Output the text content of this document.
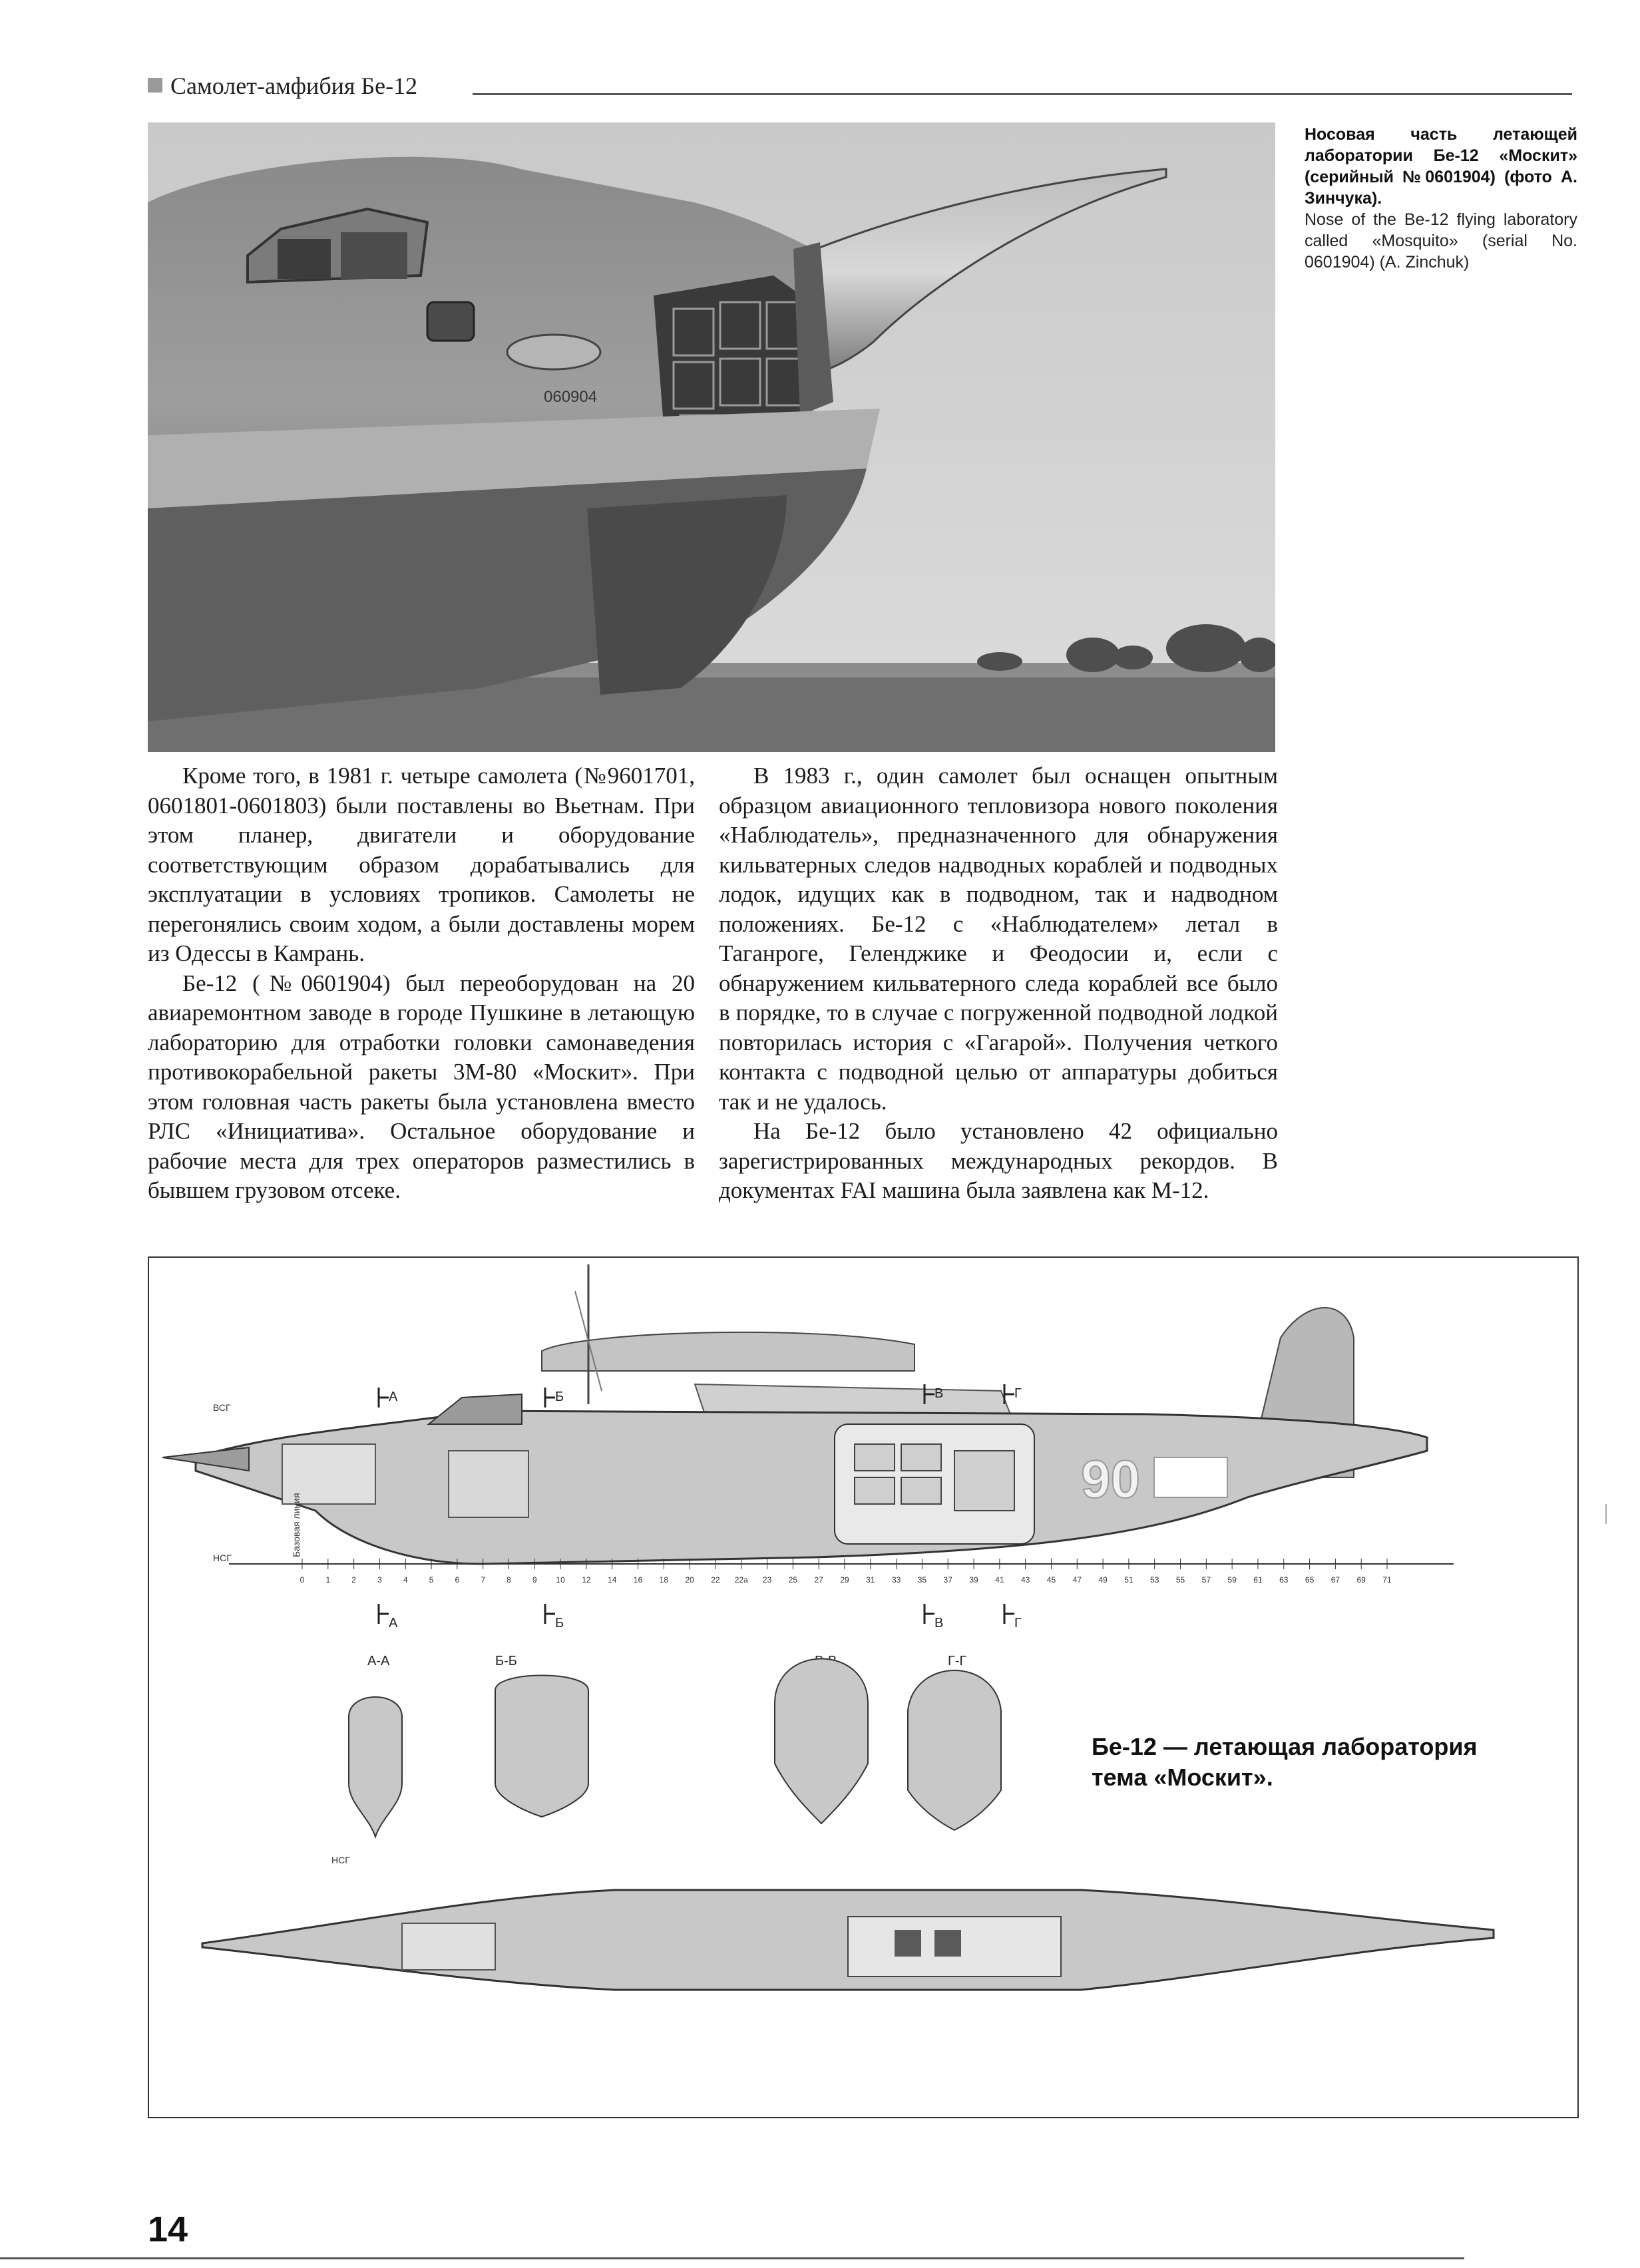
Самолет-амфибия Бе-12
060904
Носовая часть летающей лаборатории Бе-12 «Москит» (серийный №0601904) (фото А. Зинчука).
Nose of the Be-12 flying laboratory called «Mosquito» (serial No. 0601904) (A. Zinchuk)

Кроме того, в 1981 г. четыре самолета (№9601701, 0601801-0601803) были поставлены во Вьетнам. При этом планер, двигатели и оборудование соответствующим образом дорабатывались для эксплуатации в условиях тропиков. Самолеты не перегонялись своим ходом, а были доставлены морем из Одессы в Камрань.

Бе-12 (№0601904) был переоборудован на 20 авиаремонтном заводе в городе Пушкине в летающую лабораторию для отработки головки самонаведения противокорабельной ракеты 3М-80 «Москит». При этом головная часть ракеты была установлена вместо РЛС «Инициатива». Остальное оборудование и рабочие места для трех операторов разместились в бывшем грузовом отсеке.

В 1983 г., один самолет был оснащен опытным образцом авиационного тепловизора нового поколения «Наблюдатель», предназначенного для обнаружения кильватерных следов надводных кораблей и подводных лодок, идущих как в подводном, так и надводном положениях. Бе-12 с «Наблюдателем» летал в Таганроге, Геленджике и Феодосии и, если с обнаружением кильватерного следа кораблей все было в порядке, то в случае с погруженной подводной лодкой повторилась история с «Гагарой». Получения четкого контакта с подводной целью от аппаратуры добиться так и не удалось.

На Бе-12 было установлено 42 официально зарегистрированных международных рекордов. В документах FAI машина была заявлена как М-12.

90
ВСГ
НСГ
Базовая линия
0	1	2	3	4	5	6	7	8	9 10 12 14 16 18 20 22 22а 23 25 27 29 31 33 35 37 39 41 43 45 47 49 51 53 55 57 59 61 63 65 67 69 71
А
А
Б
Б
В
В
Г
Г
А-А	Б-Б	Г-Г
НСГ
Бе-12 — летающая лаборатория тема «Москит».
14
